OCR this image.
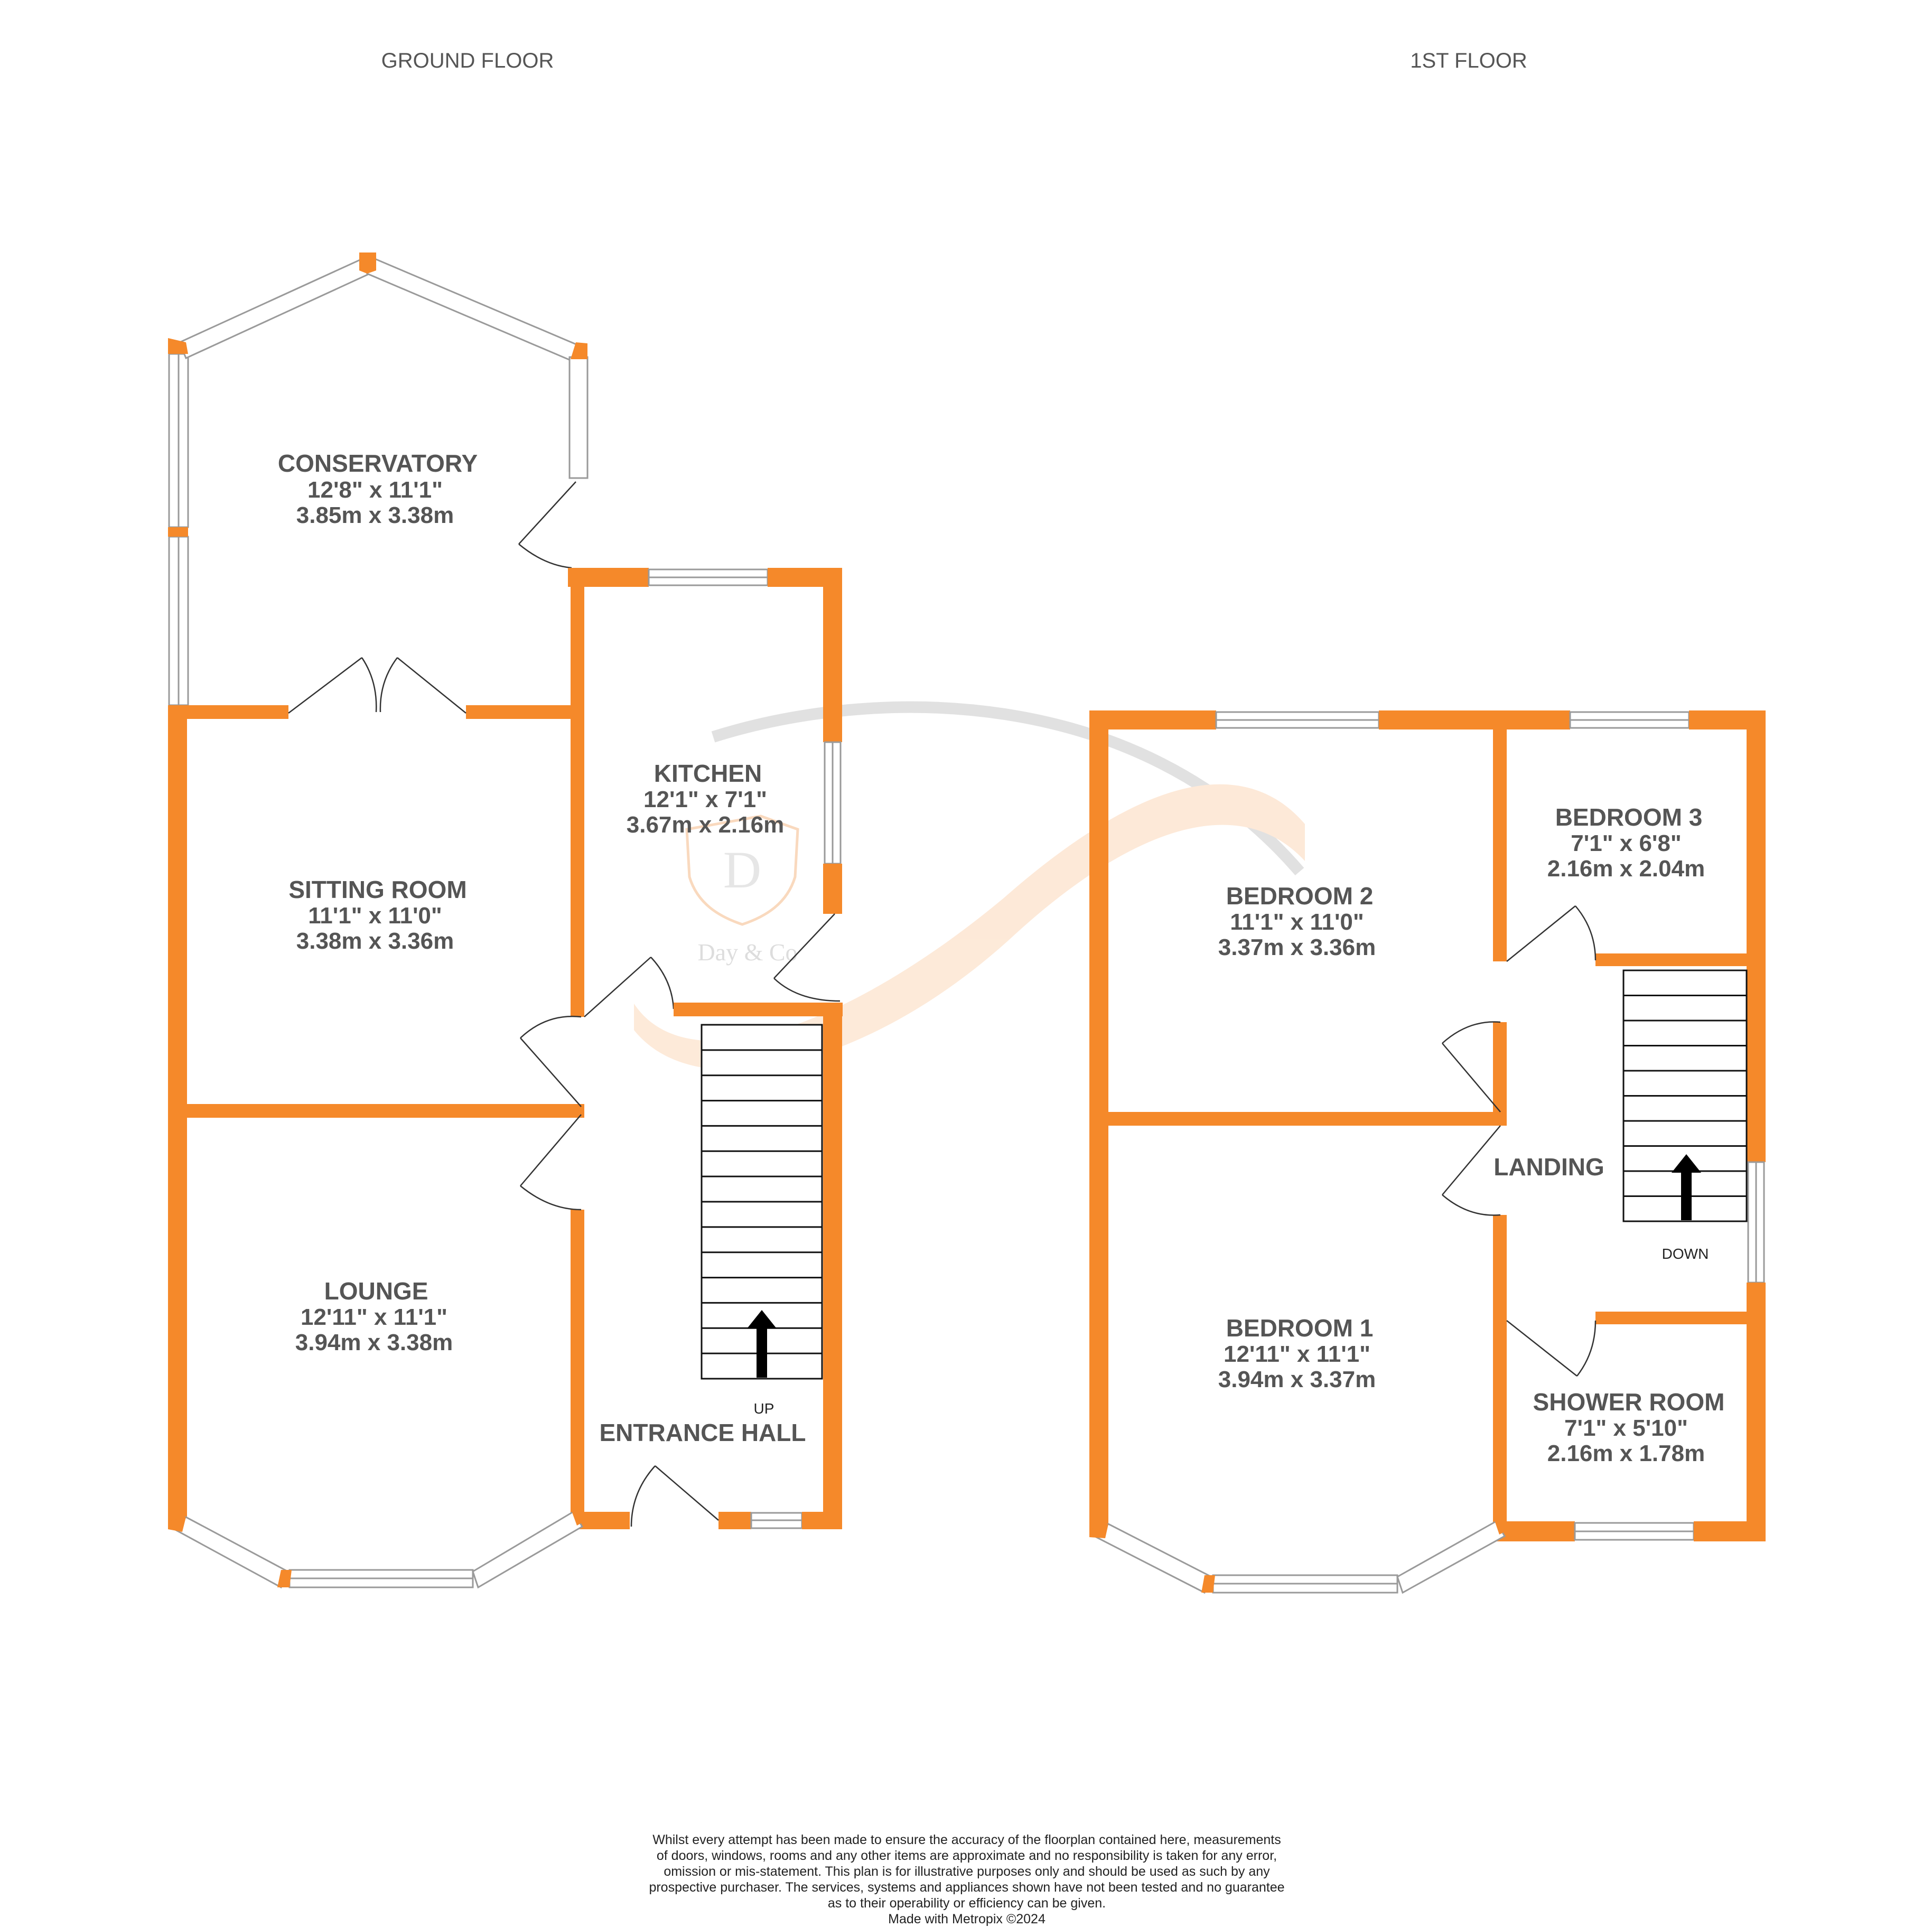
D
Day & Co
GROUND FLOOR	1ST FLOOR
UP
CONSERVATORY
12'8" x 11'1"
3.85m x 3.38m
KITCHEN
12'1" x 7'1"
3.67m x 2.16m
SITTING ROOM
11'1" x 11'0"
3.38m x 3.36m
LOUNGE
12'11" x 11'1"
3.94m x 3.38m
ENTRANCE HALL
DOWN
BEDROOM 2
11'1" x 11'0"
3.37m x 3.36m
BEDROOM 3
7'1" x 6'8"
2.16m x 2.04m
LANDING
BEDROOM 1
12'11" x 11'1"
3.94m x 3.37m
SHOWER ROOM
7'1" x 5'10"
2.16m x 1.78m
Whilst every attempt has been made to ensure the accuracy of the floorplan contained here, measurements
of doors, windows, rooms and any other items are approximate and no responsibility is taken for any error,
omission or mis-statement. This plan is for illustrative purposes only and should be used as such by any
prospective purchaser. The services, systems and appliances shown have not been tested and no guarantee
as to their operability or efficiency can be given.
Made with Metropix ©2024
